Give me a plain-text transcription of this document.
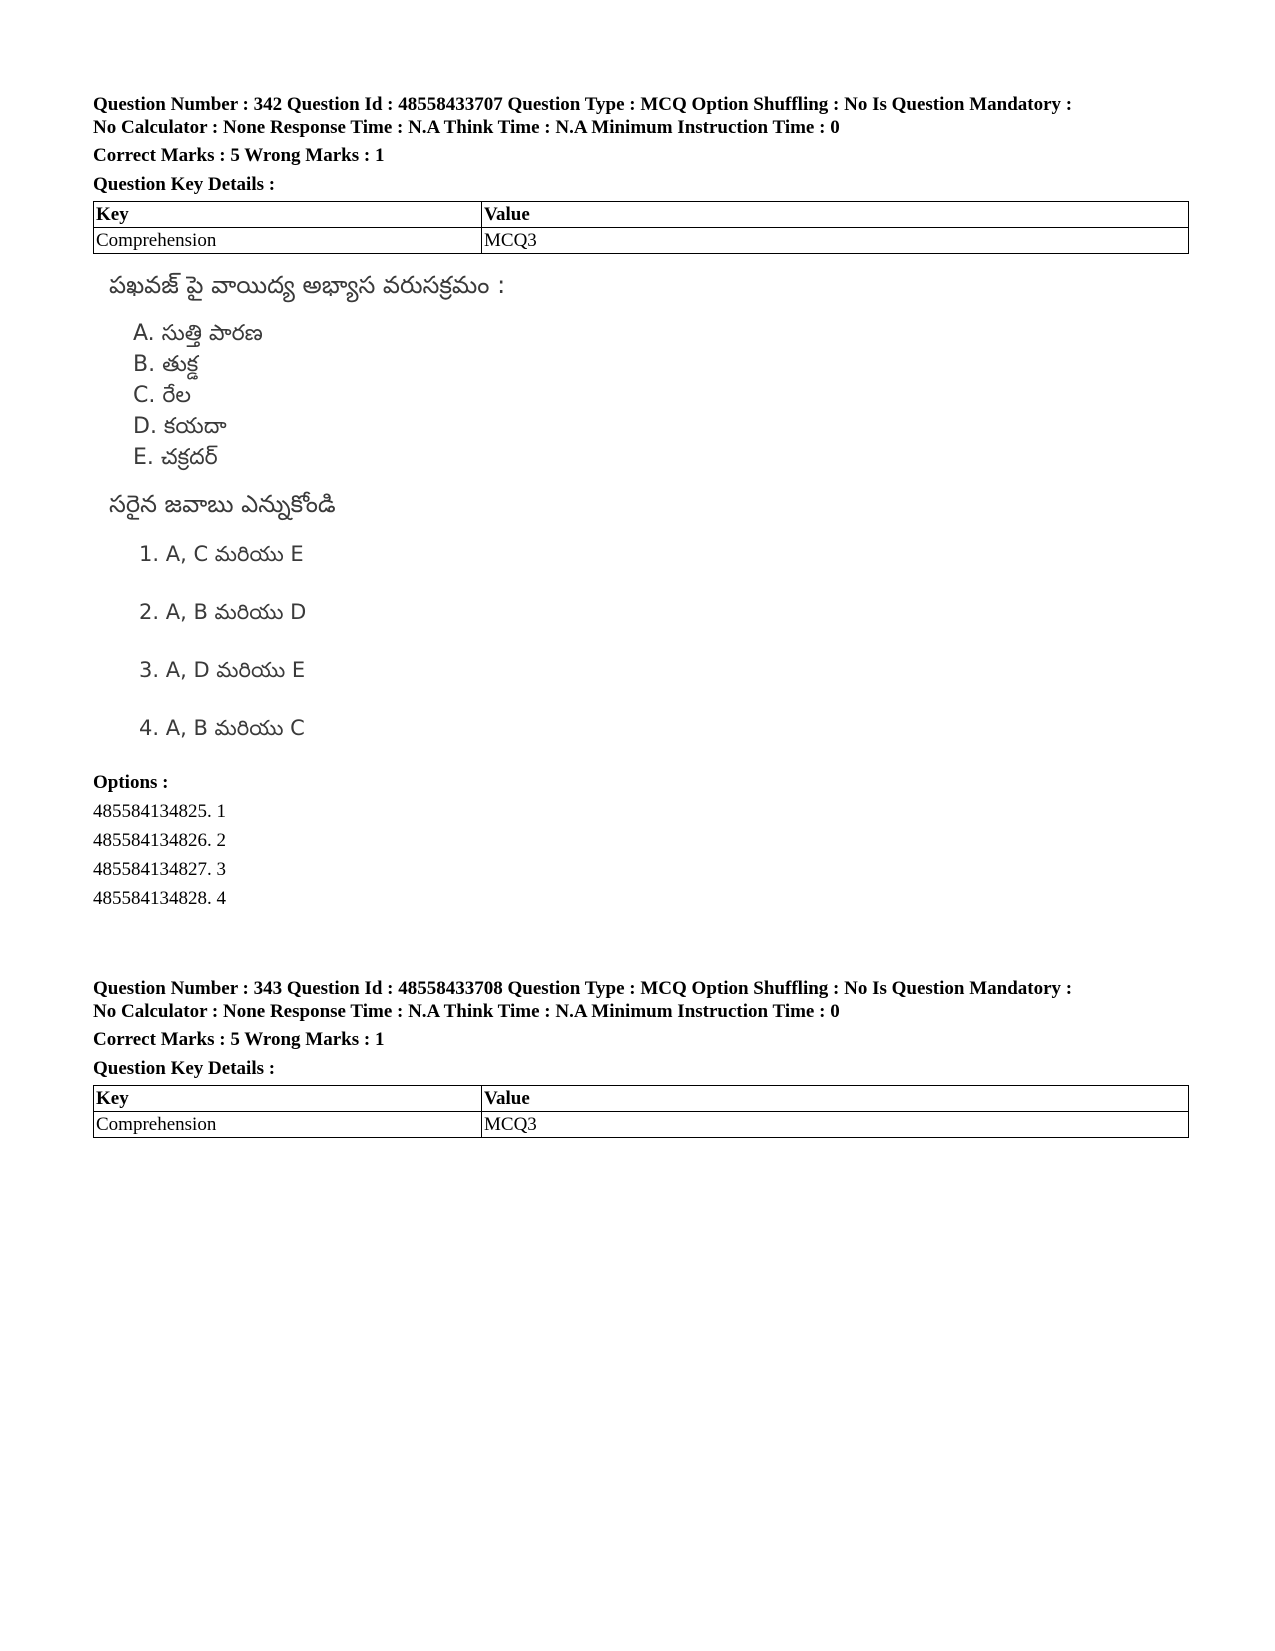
Question Number : 342 Question Id : 48558433707 Question Type : MCQ Option Shuffling : No Is Question Mandatory :
No Calculator : None Response Time : N.A Think Time : N.A Minimum Instruction Time : 0
Correct Marks : 5 Wrong Marks : 1
Question Key Details :
Key	Value
Comprehension	MCQ3
పఖవజ్ పై వాయిద్య అభ్యాస వరుసక్రమం :
A. సుత్తి పారణ
B. తుక్డ
C. రేల
D. కయదా
E. చక్రదర్
సరైన జవాబు ఎన్నుకోండి
1. A, C మరియు E
2. A, B మరియు D
3. A, D మరియు E
4. A, B మరియు C
Options :
485584134825. 1
485584134826. 2
485584134827. 3
485584134828. 4
Question Number : 343 Question Id : 48558433708 Question Type : MCQ Option Shuffling : No Is Question Mandatory :
No Calculator : None Response Time : N.A Think Time : N.A Minimum Instruction Time : 0
Correct Marks : 5 Wrong Marks : 1
Question Key Details :
Key	Value
Comprehension	MCQ3
